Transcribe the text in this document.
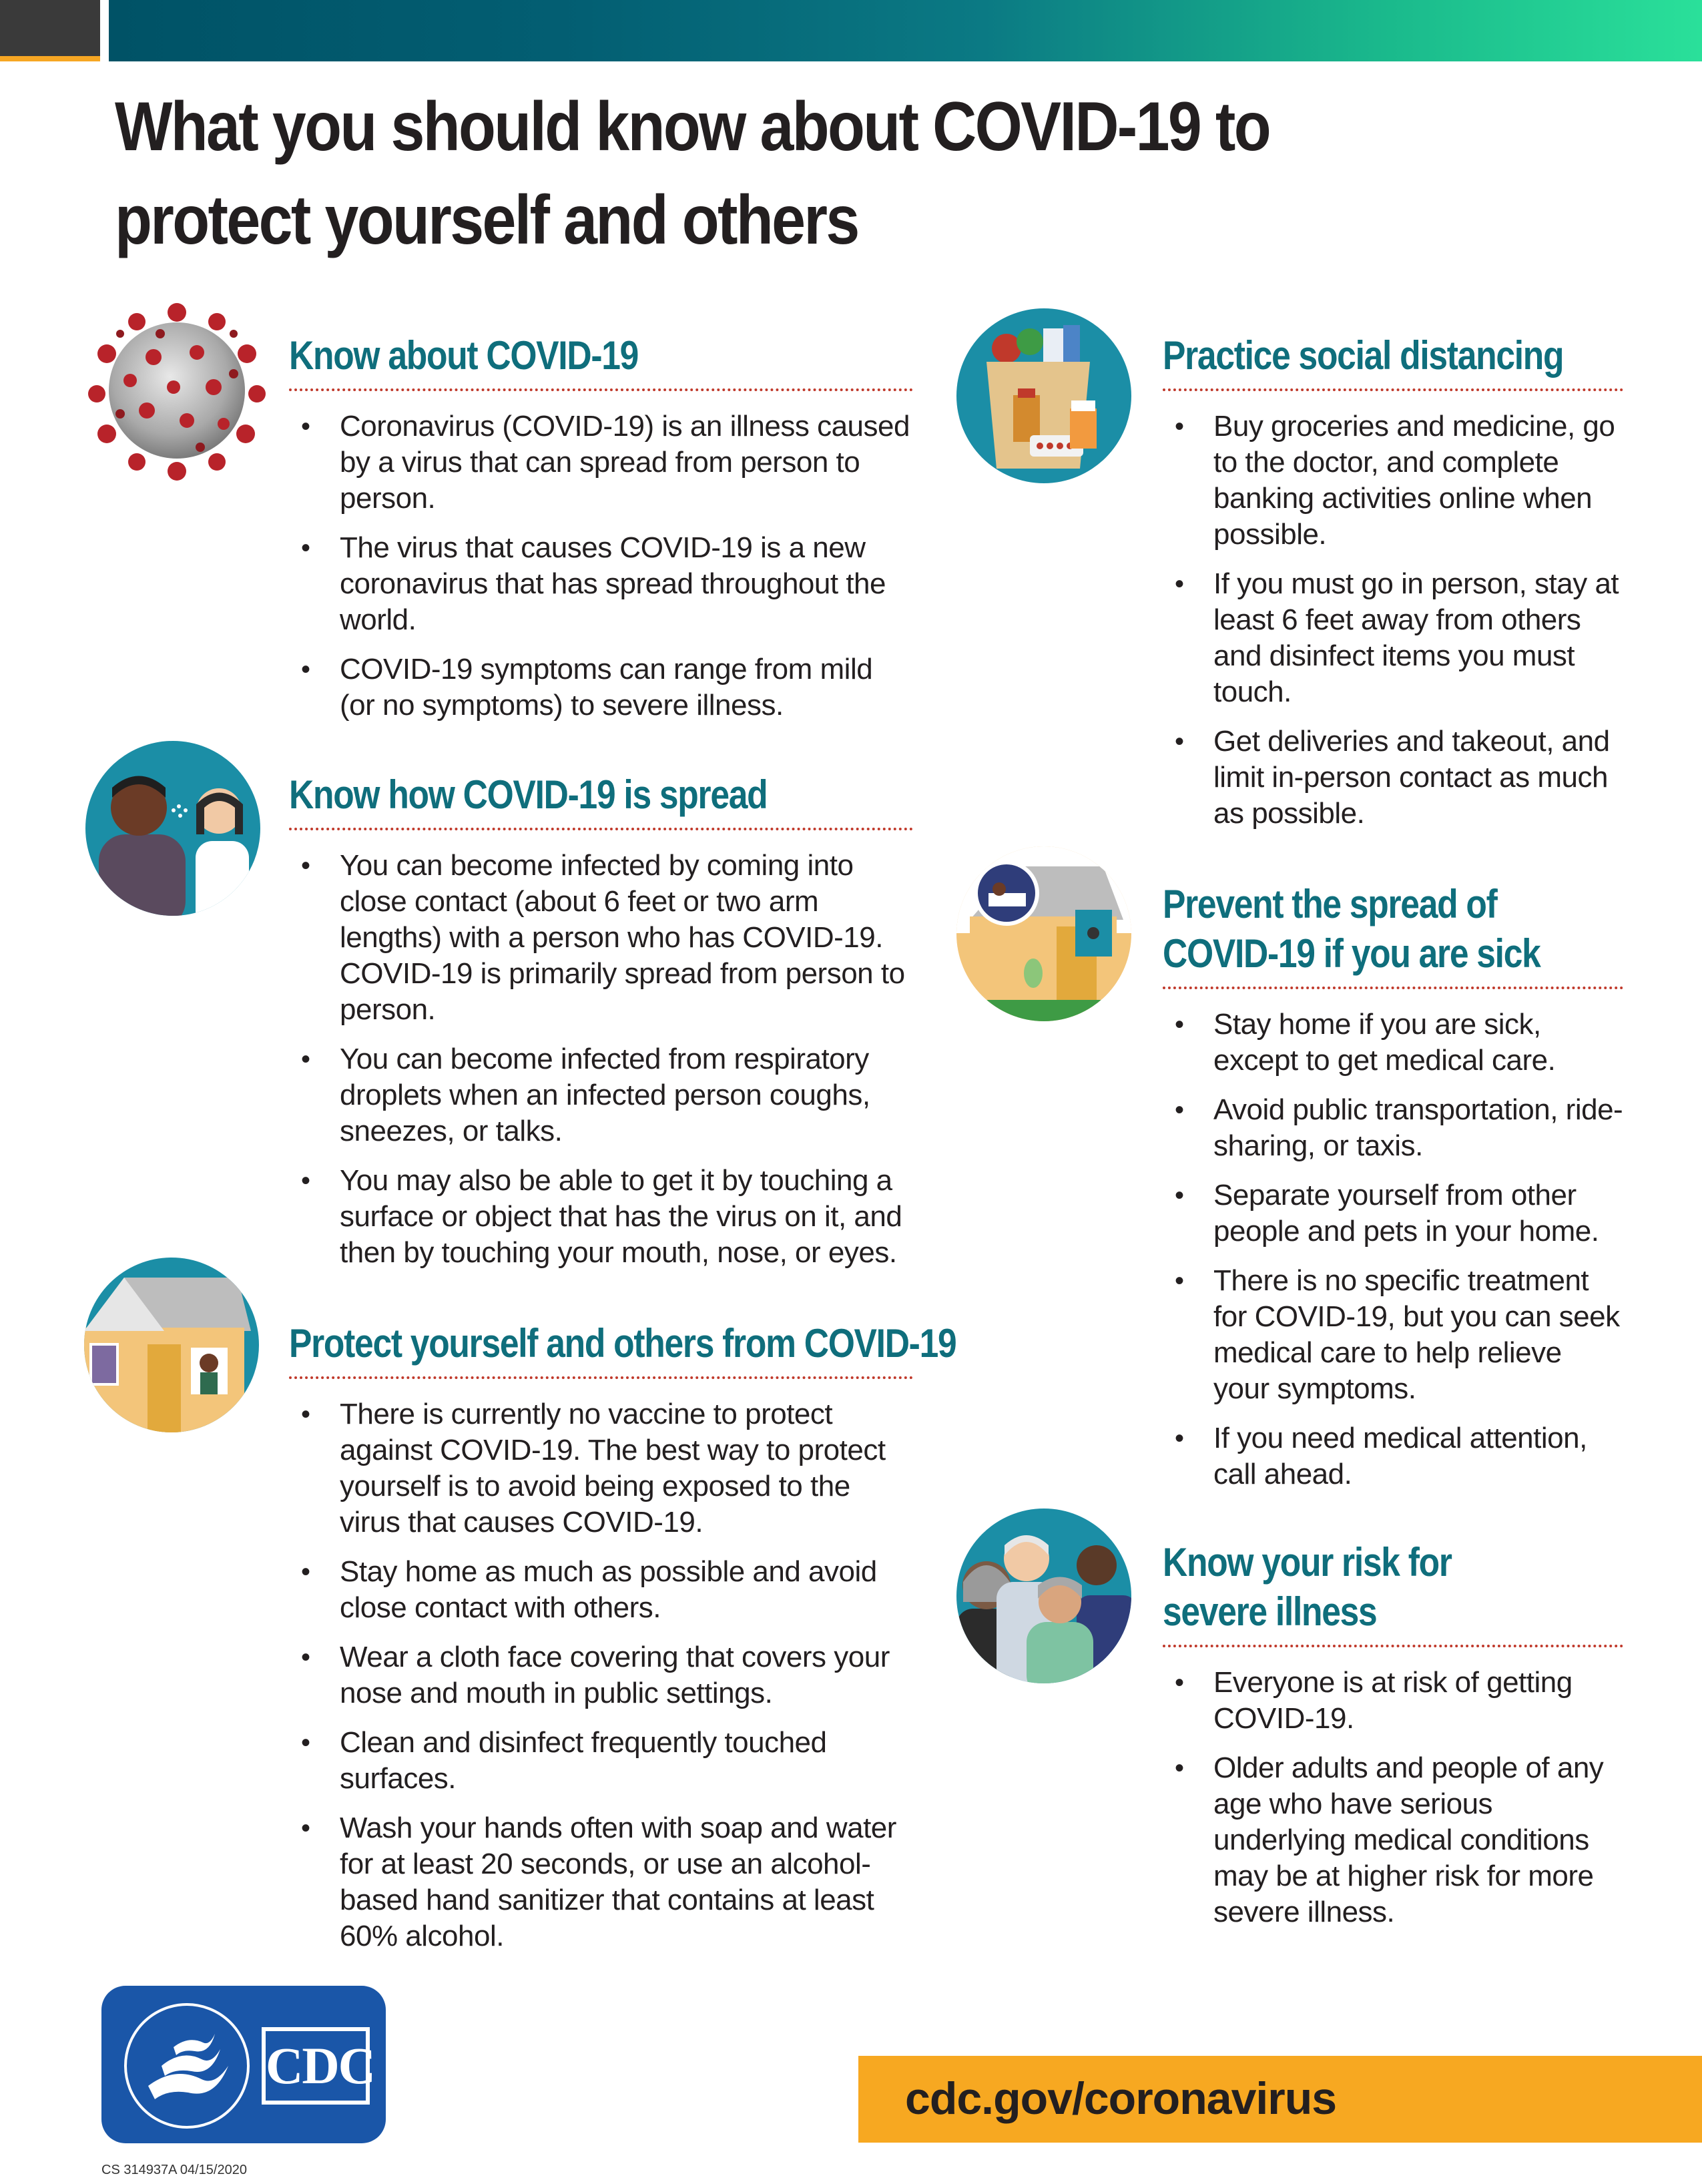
What you should know about COVID-19 to protect yourself and others
Know about COVID-19
• Coronavirus (COVID-19) is an illness caused by a virus that can spread from person to person.
• The virus that causes COVID-19 is a new coronavirus that has spread throughout the world.
• COVID-19 symptoms can range from mild (or no symptoms) to severe illness.
Know how COVID-19 is spread
• You can become infected by coming into close contact (about 6 feet or two arm lengths) with a person who has COVID-19. COVID-19 is primarily spread from person to person.
• You can become infected from respiratory droplets when an infected person coughs, sneezes, or talks.
• You may also be able to get it by touching a surface or object that has the virus on it, and then by touching your mouth, nose, or eyes.
Protect yourself and others from COVID-19
• There is currently no vaccine to protect against COVID-19. The best way to protect yourself is to avoid being exposed to the virus that causes COVID-19.
• Stay home as much as possible and avoid close contact with others.
• Wear a cloth face covering that covers your nose and mouth in public settings.
• Clean and disinfect frequently touched surfaces.
• Wash your hands often with soap and water for at least 20 seconds, or use an alcohol-based hand sanitizer that contains at least 60% alcohol.
Practice social distancing
• Buy groceries and medicine, go to the doctor, and complete banking activities online when possible.
• If you must go in person, stay at least 6 feet away from others and disinfect items you must touch.
• Get deliveries and takeout, and limit in-person contact as much as possible.
Prevent the spread of
COVID-19 if you are sick
• Stay home if you are sick, except to get medical care.
• Avoid public transportation, ride-sharing, or taxis.
• Separate yourself from other people and pets in your home.
• There is no specific treatment for COVID-19, but you can seek medical care to help relieve your symptoms.
• If you need medical attention, call ahead.
Know your risk for
severe illness
• Everyone is at risk of getting COVID-19.
• Older adults and people of any age who have serious underlying medical conditions may be at higher risk for more severe illness.
CDC
cdc.gov/coronavirus
CS 314937A 04/15/2020
